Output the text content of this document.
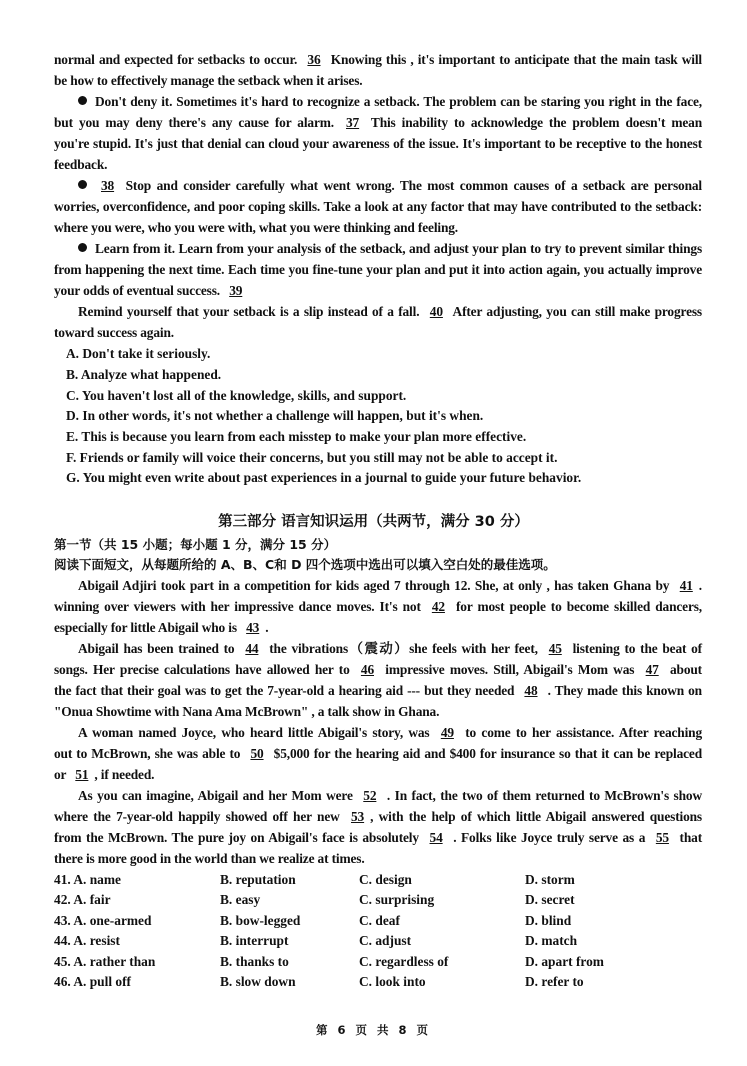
normal and expected for setbacks to occur. 36 Knowing this , it's important to anticipate that the main task will
be how to effectively manage the setback when it arises.
Don't deny it. Sometimes it's hard to recognize a setback. The problem can be staring you right in the face,
but you may deny there's any cause for alarm. 37 This inability to acknowledge the problem doesn't mean
you're stupid. It's just that denial can cloud your awareness of the issue. It's important to be receptive to the honest
feedback.
38 Stop and consider carefully what went wrong. The most common causes of a setback are personal
worries, overconfidence, and poor coping skills. Take a look at any factor that may have contributed to the setback:
where you were, who you were with, what you were thinking and feeling.
Learn from it. Learn from your analysis of the setback, and adjust your plan to try to prevent similar things
from happening the next time. Each time you fine-tune your plan and put it into action again, you actually improve
your odds of eventual success. 39
Remind yourself that your setback is a slip instead of a fall. 40 After adjusting, you can still make progress
toward success again.
A. Don't take it seriously.
B. Analyze what happened.
C. You haven't lost all of the knowledge, skills, and support.
D. In other words, it's not whether a challenge will happen, but it's when.
E. This is because you learn from each misstep to make your plan more effective.
F. Friends or family will voice their concerns, but you still may not be able to accept it.
G. You might even write about past experiences in a journal to guide your future behavior.
第三部分 语言知识运用（共两节，满分 30 分）
第一节（共 15 小题；每小题 1 分，满分 15 分）
阅读下面短文，从每题所给的 A、B、C和 D 四个选项中选出可以填入空白处的最佳选项。
Abigail Adjiri took part in a competition for kids aged 7 through 12. She, at only , has taken Ghana by 41 .
winning over viewers with her impressive dance moves. It's not 42 for most people to become skilled dancers,
especially for little Abigail who is 43 .
Abigail has been trained to 44 the vibrations（震动）she feels with her feet, 45 listening to the beat of
songs. Her precise calculations have allowed her to 46 impressive moves. Still, Abigail's Mom was 47 about
the fact that their goal was to get the 7-year-old a hearing aid --- but they needed 48 . They made this known on
"Onua Showtime with Nana Ama McBrown" , a talk show in Ghana.
A woman named Joyce, who heard little Abigail's story, was 49 to come to her assistance. After reaching
out to McBrown, she was able to 50 $5,000 for the hearing aid and $400 for insurance so that it can be replaced
or 51 , if needed.
As you can imagine, Abigail and her Mom were 52 . In fact, the two of them returned to McBrown's show
where the 7-year-old happily showed off her new 53 , with the help of which little Abigail answered questions
from the McBrown. The pure joy on Abigail's face is absolutely 54 . Folks like Joyce truly serve as a 55 that
there is more good in the world than we realize at times.
41. A. name	B. reputation	C. design	D. storm
42. A. fair	B. easy	C. surprising	D. secret
43. A. one-armed	B. bow-legged	C. deaf	D. blind
44. A. resist	B. interrupt	C. adjust	D. match
45. A. rather than	B. thanks to	C. regardless of	D. apart from
46. A. pull off	B. slow down	C. look into	D. refer to
第 6 页 共 8 页
